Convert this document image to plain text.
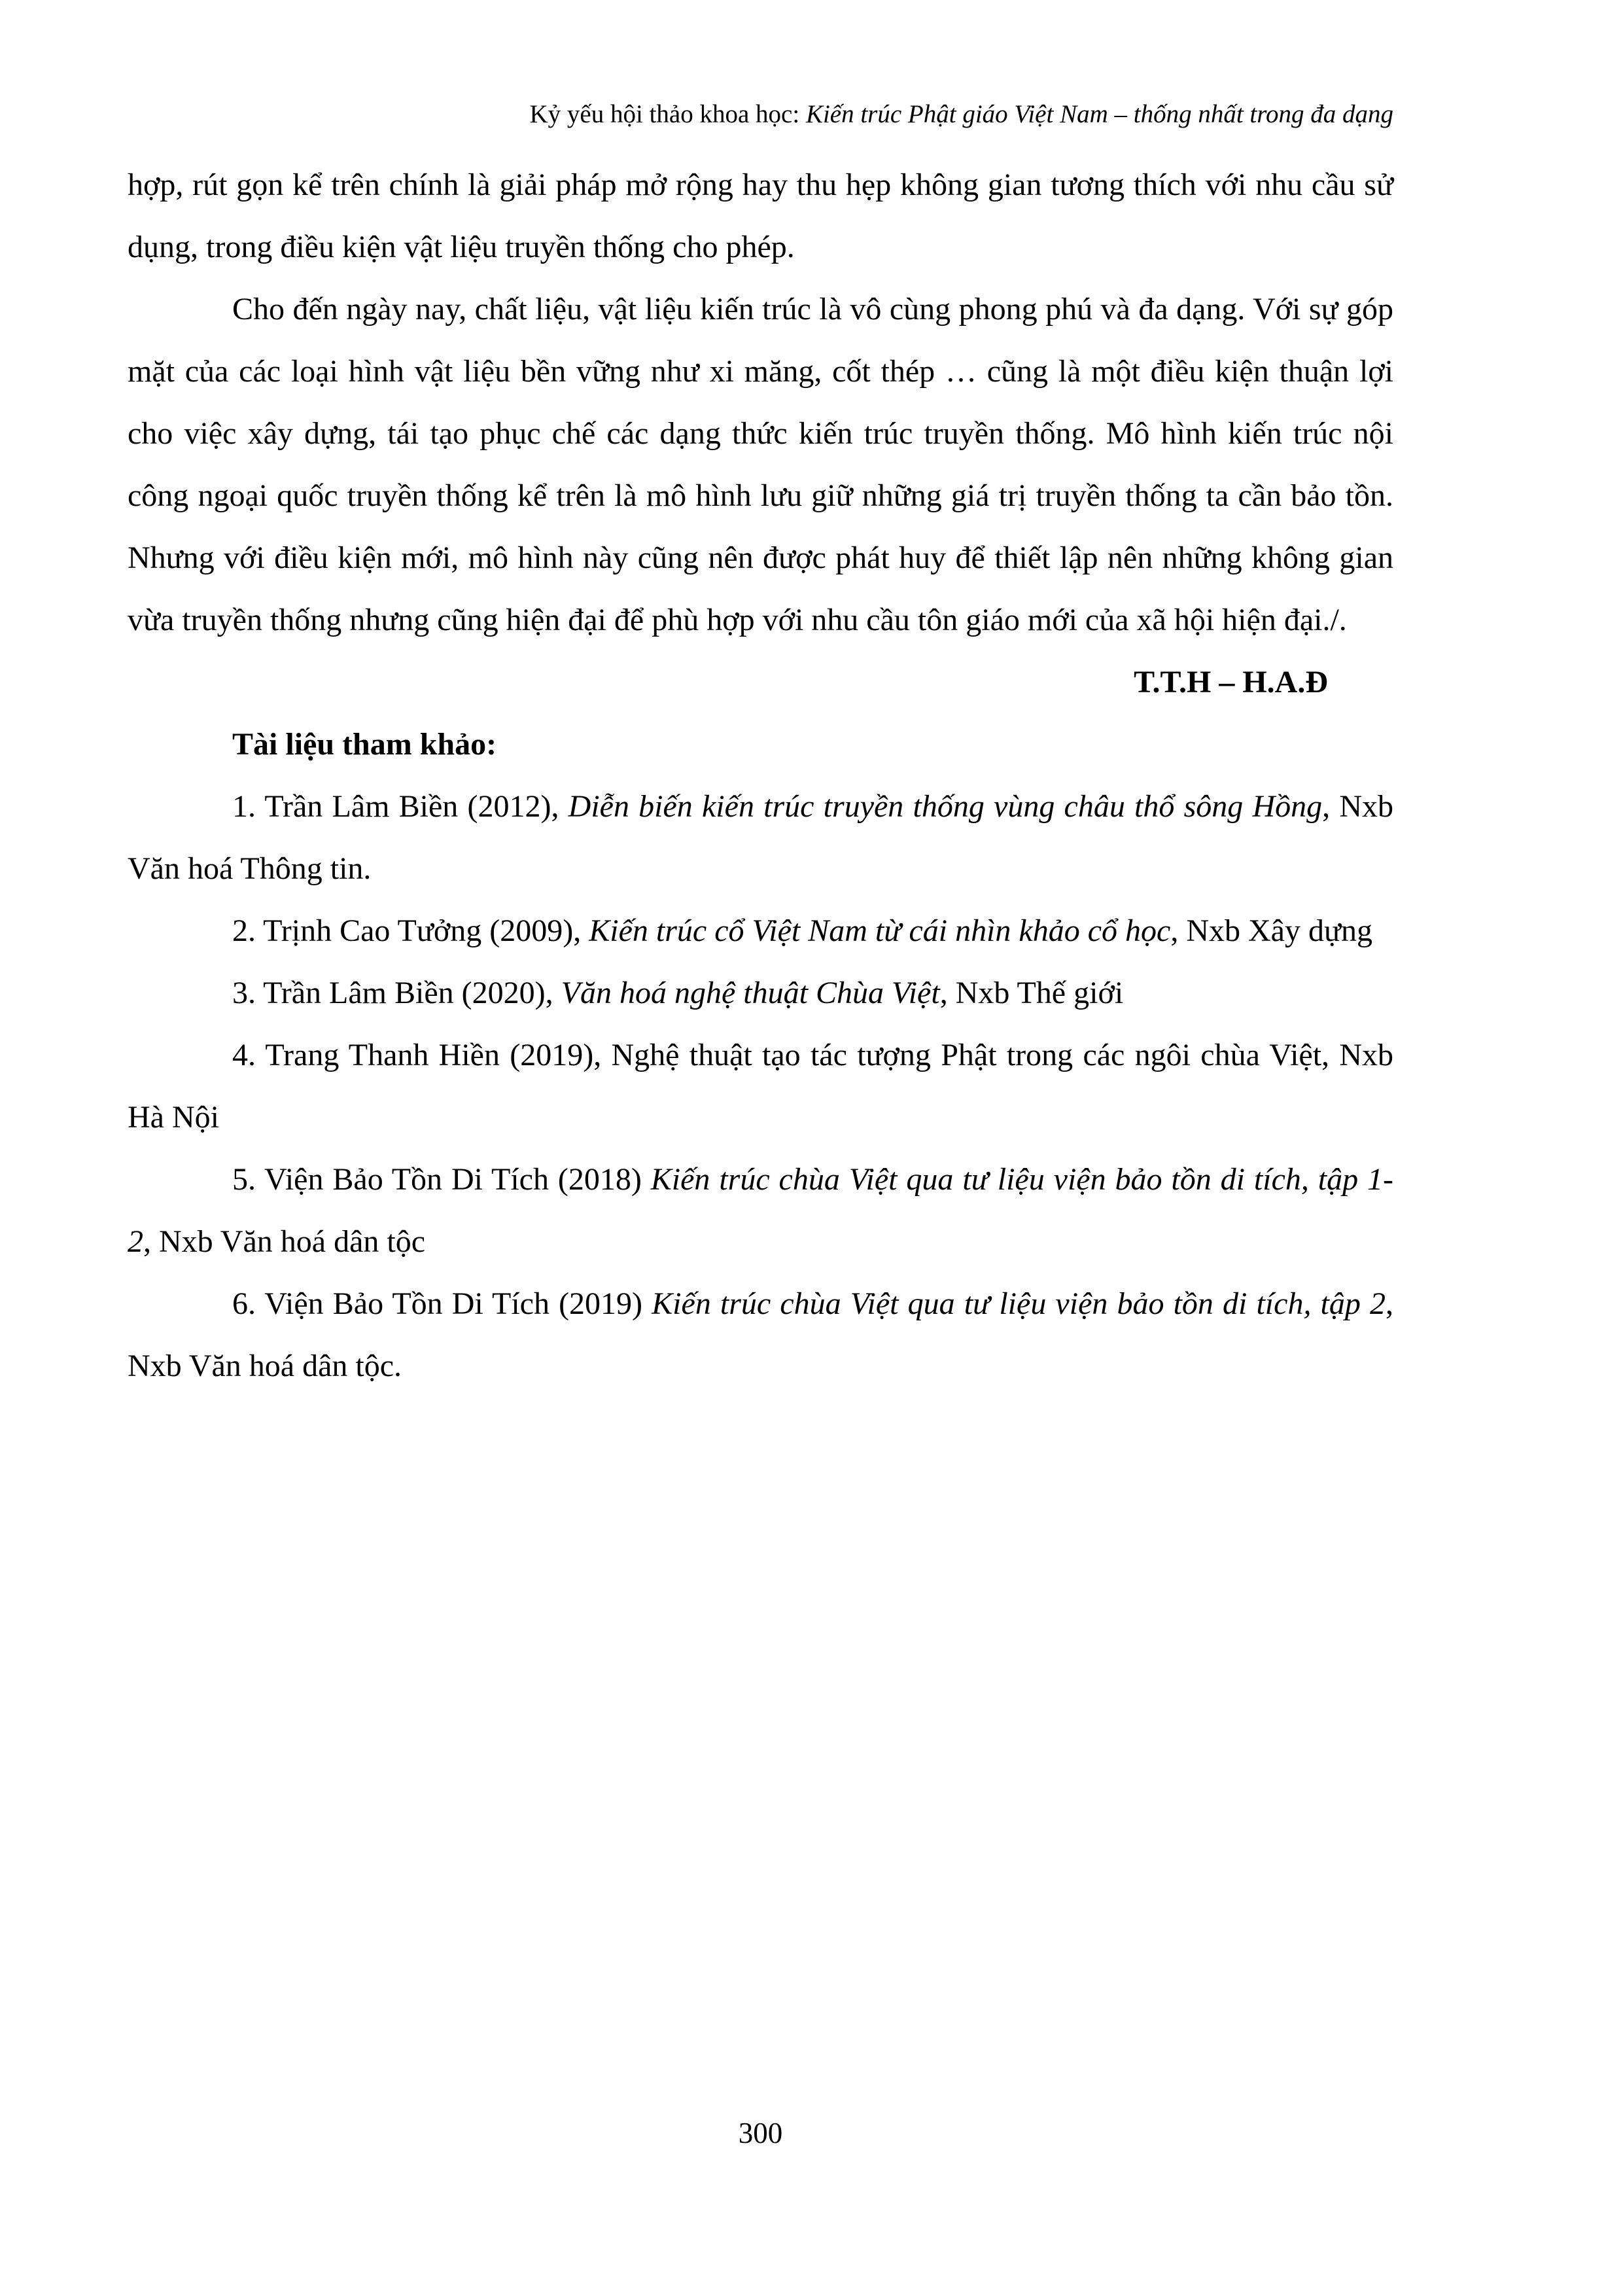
Kỷ yếu hội thảo khoa học: Kiến trúc Phật giáo Việt Nam – thống nhất trong đa dạng

hợp, rút gọn kể trên chính là giải pháp mở rộng hay thu hẹp không gian tương thích với nhu cầu sử dụng, trong điều kiện vật liệu truyền thống cho phép.

Cho đến ngày nay, chất liệu, vật liệu kiến trúc là vô cùng phong phú và đa dạng. Với sự góp mặt của các loại hình vật liệu bền vững như xi măng, cốt thép … cũng là một điều kiện thuận lợi cho việc xây dựng, tái tạo phục chế các dạng thức kiến trúc truyền thống. Mô hình kiến trúc nội công ngoại quốc truyền thống kể trên là mô hình lưu giữ những giá trị truyền thống ta cần bảo tồn. Nhưng với điều kiện mới, mô hình này cũng nên được phát huy để thiết lập nên những không gian vừa truyền thống nhưng cũng hiện đại để phù hợp với nhu cầu tôn giáo mới của xã hội hiện đại./.

T.T.H – H.A.Đ

Tài liệu tham khảo:

1. Trần Lâm Biền (2012), Diễn biến kiến trúc truyền thống vùng châu thổ sông Hồng, Nxb Văn hoá Thông tin.

2. Trịnh Cao Tưởng (2009), Kiến trúc cổ Việt Nam từ cái nhìn khảo cổ học, Nxb Xây dựng

3. Trần Lâm Biền (2020), Văn hoá nghệ thuật Chùa Việt, Nxb Thế giới

4. Trang Thanh Hiền (2019), Nghệ thuật tạo tác tượng Phật trong các ngôi chùa Việt, Nxb Hà Nội

5. Viện Bảo Tồn Di Tích (2018) Kiến trúc chùa Việt qua tư liệu viện bảo tồn di tích, tập 1- 2, Nxb Văn hoá dân tộc

6. Viện Bảo Tồn Di Tích (2019) Kiến trúc chùa Việt qua tư liệu viện bảo tồn di tích, tập 2, Nxb Văn hoá dân tộc.

300
